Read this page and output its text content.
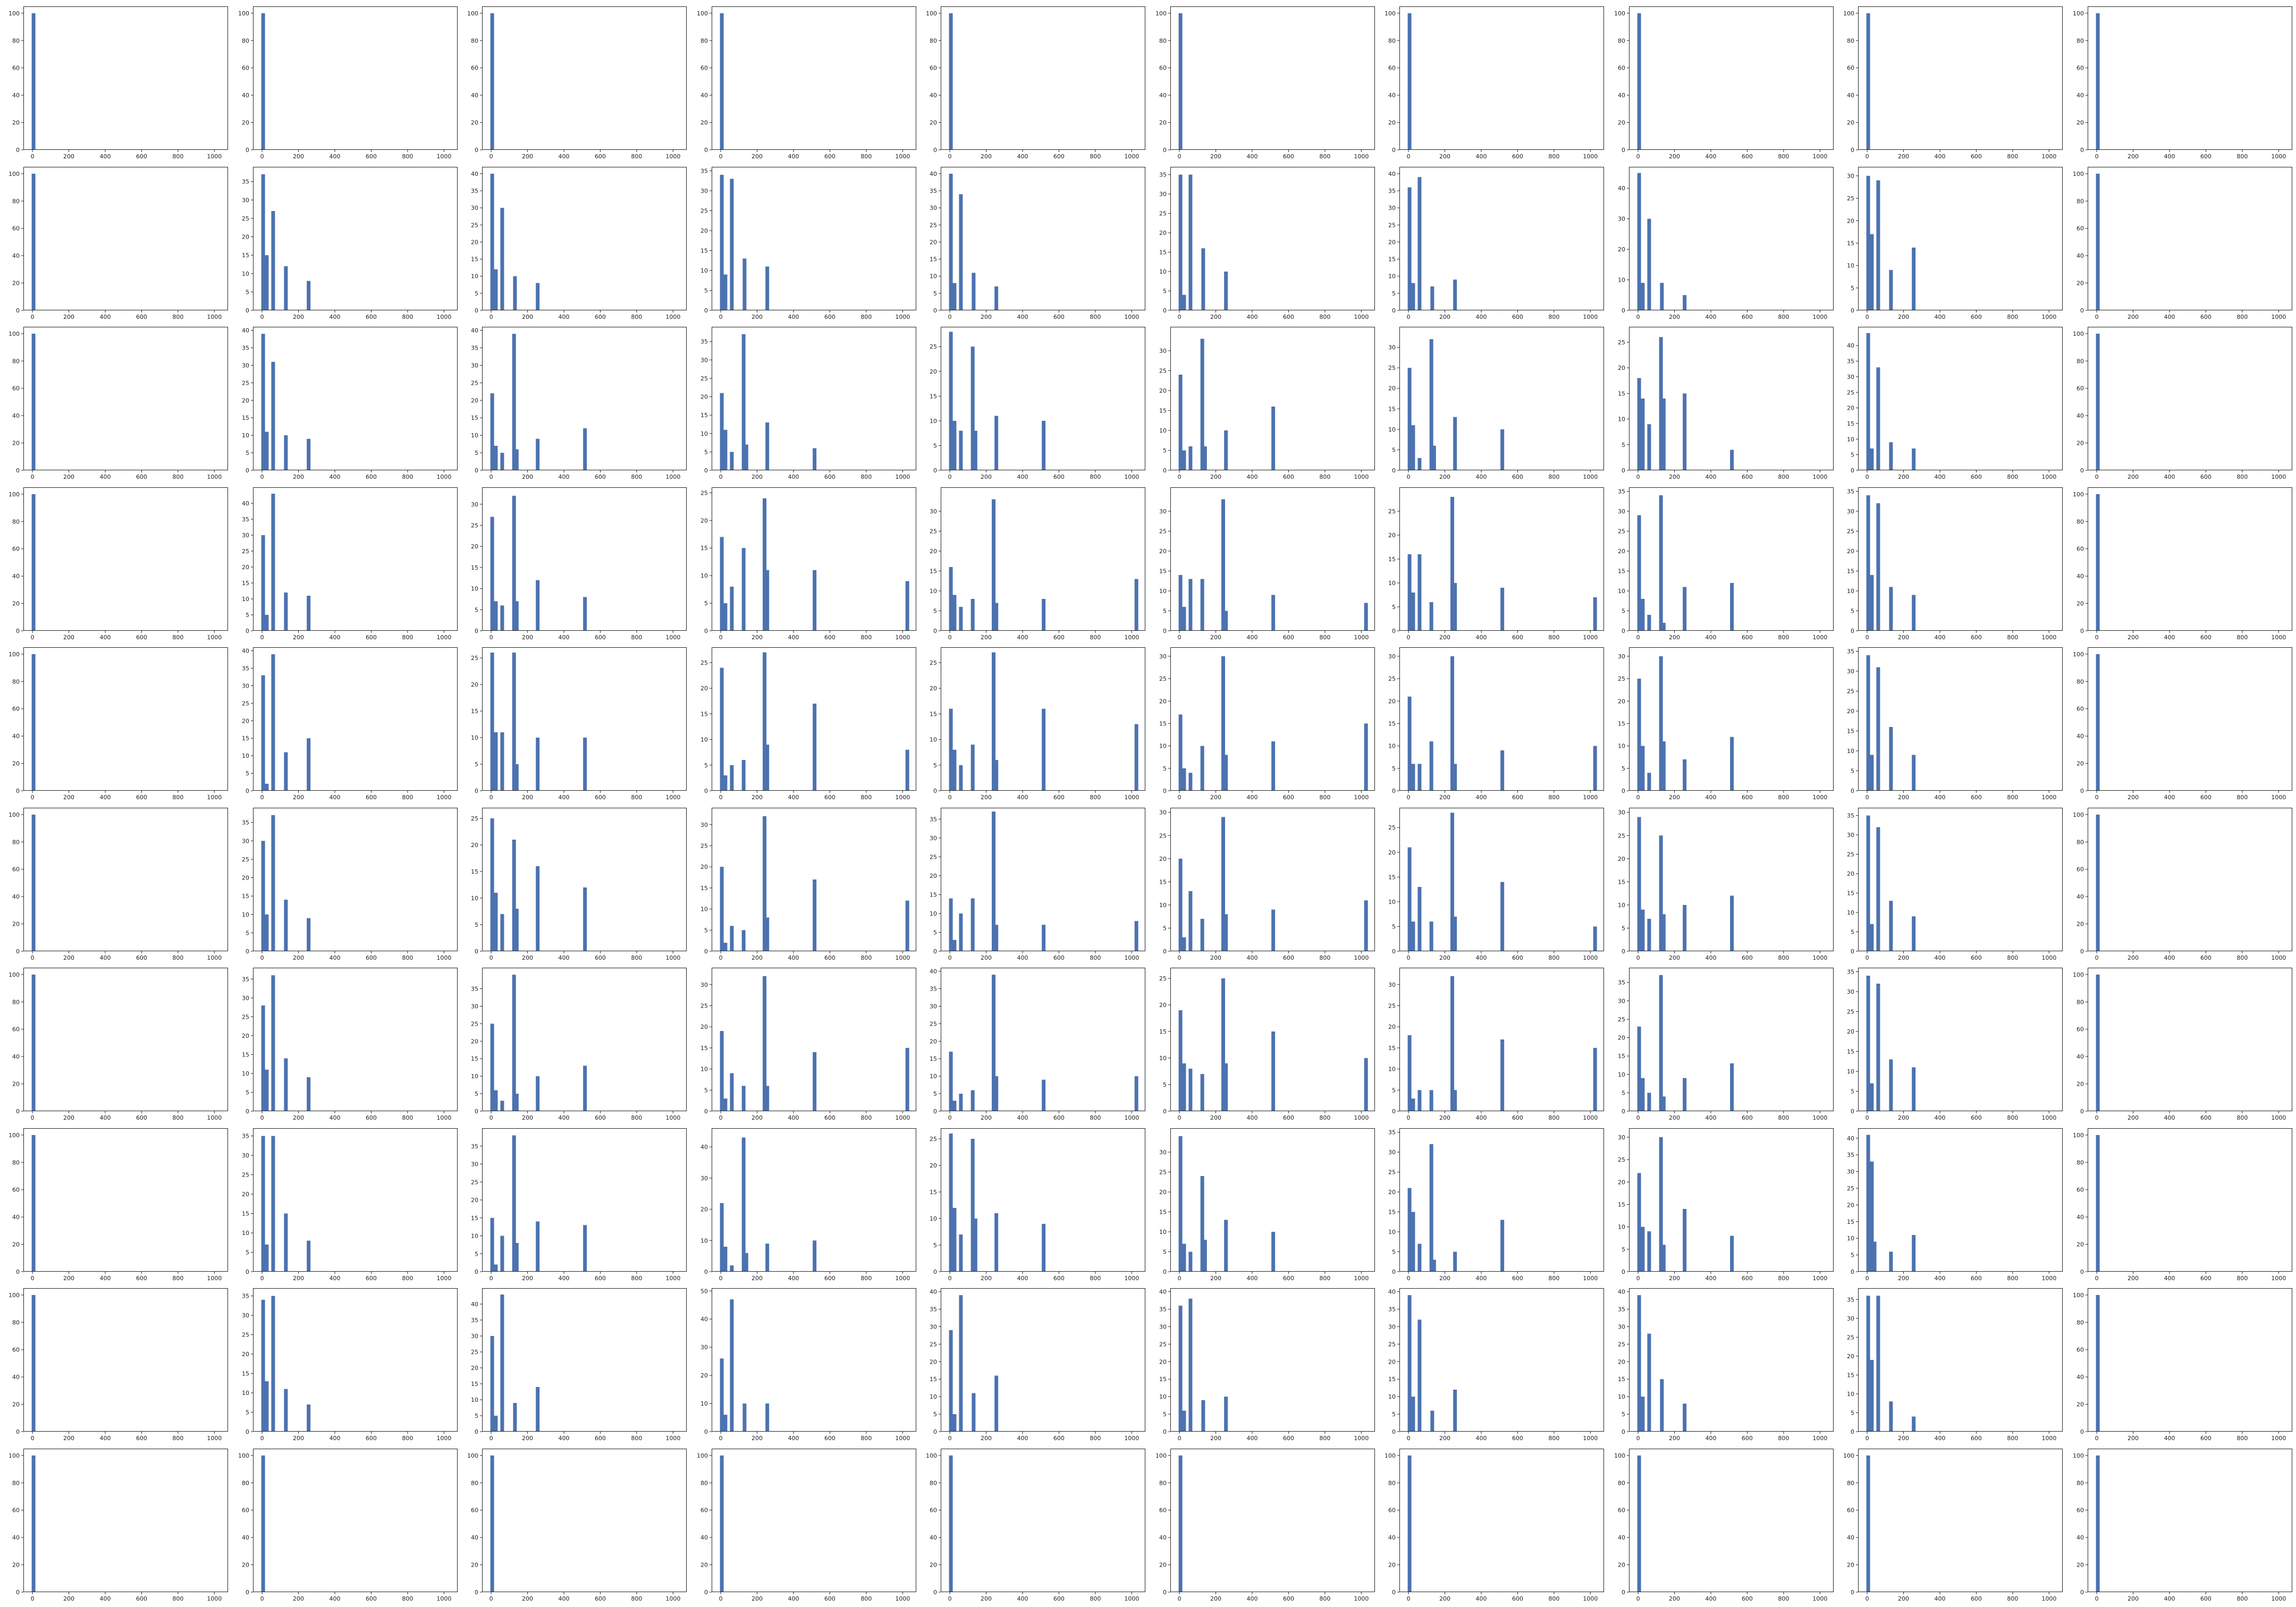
0	200	400	600	800	1000
0
20
40
60
80
100
0	200	400	600	800	1000
0
20
40
60
80
100
0	200	400	600	800	1000
0
20
40
60
80
100
0	200	400	600	800	1000
0
20
40
60
80
100
0	200	400	600	800	1000
0
20
40
60
80
100
0	200	400	600	800	1000
0
20
40
60
80
100
0	200	400	600	800	1000
0
20
40
60
80
100
0	200	400	600	800	1000
0
20
40
60
80
100
0	200	400	600	800	1000
0
20
40
60
80
100
0	200	400	600	800	1000
0
20
40
60
80
100
0	200	400	600	800	1000
0
20
40
60
80
100
0	200	400	600	800	1000
0
5
10
15
20
25
30
35
0	200	400	600	800	1000
0
5
10
15
20
25
30
35
40
0	200	400	600	800	1000
0
5
10
15
20
25
30
35
0	200	400	600	800	1000
0
5
10
15
20
25
30
35
40
0	200	400	600	800	1000
0
5
10
15
20
25
30
35
0	200	400	600	800	1000
0
5
10
15
20
25
30
35
40
0	200	400	600	800	1000
0
10
20
30
40
0	200	400	600	800	1000
0
5
10
15
20
25
30
0	200	400	600	800	1000
0
20
40
60
80
100
0	200	400	600	800	1000
0
20
40
60
80
100
0	200	400	600	800	1000
0
5
10
15
20
25
30
35
40
0	200	400	600	800	1000
0
5
10
15
20
25
30
35
40
0	200	400	600	800	1000
0
5
10
15
20
25
30
35
0	200	400	600	800	1000
0
5
10
15
20
25
0	200	400	600	800	1000
0
5
10
15
20
25
30
0	200	400	600	800	1000
0
5
10
15
20
25
30
0	200	400	600	800	1000
0
5
10
15
20
25
0	200	400	600	800	1000
0
5
10
15
20
25
30
35
40
0	200	400	600	800	1000
0
20
40
60
80
100
0	200	400	600	800	1000
0
20
40
60
80
100
0	200	400	600	800	1000
0
5
10
15
20
25
30
35
40
0	200	400	600	800	1000
0
5
10
15
20
25
30
0	200	400	600	800	1000
0
5
10
15
20
25
0	200	400	600	800	1000
0
5
10
15
20
25
30
0	200	400	600	800	1000
0
5
10
15
20
25
30
0	200	400	600	800	1000
0
5
10
15
20
25
0	200	400	600	800	1000
0
5
10
15
20
25
30
35
0	200	400	600	800	1000
0
5
10
15
20
25
30
35
0	200	400	600	800	1000
0
20
40
60
80
100
0	200	400	600	800	1000
0
20
40
60
80
100
0	200	400	600	800	1000
0
5
10
15
20
25
30
35
40
0	200	400	600	800	1000
0
5
10
15
20
25
0	200	400	600	800	1000
0
5
10
15
20
25
0	200	400	600	800	1000
0
5
10
15
20
25
0	200	400	600	800	1000
0
5
10
15
20
25
30
0	200	400	600	800	1000
0
5
10
15
20
25
30
0	200	400	600	800	1000
0
5
10
15
20
25
30
0	200	400	600	800	1000
0
5
10
15
20
25
30
35
0	200	400	600	800	1000
0
20
40
60
80
100
0	200	400	600	800	1000
0
20
40
60
80
100
0	200	400	600	800	1000
0
5
10
15
20
25
30
35
0	200	400	600	800	1000
0
5
10
15
20
25
0	200	400	600	800	1000
0
5
10
15
20
25
30
0	200	400	600	800	1000
0
5
10
15
20
25
30
35
0	200	400	600	800	1000
0
5
10
15
20
25
30
0	200	400	600	800	1000
0
5
10
15
20
25
0	200	400	600	800	1000
0
5
10
15
20
25
30
0	200	400	600	800	1000
0
5
10
15
20
25
30
35
0	200	400	600	800	1000
0
20
40
60
80
100
0	200	400	600	800	1000
0
20
40
60
80
100
0	200	400	600	800	1000
0
5
10
15
20
25
30
35
0	200	400	600	800	1000
0
5
10
15
20
25
30
35
0	200	400	600	800	1000
0
5
10
15
20
25
30
0	200	400	600	800	1000
0
5
10
15
20
25
30
35
40
0	200	400	600	800	1000
0
5
10
15
20
25
0	200	400	600	800	1000
0
5
10
15
20
25
30
0	200	400	600	800	1000
0
5
10
15
20
25
30
35
0	200	400	600	800	1000
0
5
10
15
20
25
30
35
0	200	400	600	800	1000
0
20
40
60
80
100
0	200	400	600	800	1000
0
20
40
60
80
100
0	200	400	600	800	1000
0
5
10
15
20
25
30
35
0	200	400	600	800	1000
0
5
10
15
20
25
30
35
0	200	400	600	800	1000
0
10
20
30
40
0	200	400	600	800	1000
0
5
10
15
20
25
0	200	400	600	800	1000
0
5
10
15
20
25
30
0	200	400	600	800	1000
0
5
10
15
20
25
30
35
0	200	400	600	800	1000
0
5
10
15
20
25
30
0	200	400	600	800	1000
0
5
10
15
20
25
30
35
40
0	200	400	600	800	1000
0
20
40
60
80
100
0	200	400	600	800	1000
0
20
40
60
80
100
0	200	400	600	800	1000
0
5
10
15
20
25
30
35
0	200	400	600	800	1000
0
5
10
15
20
25
30
35
40
0	200	400	600	800	1000
0
10
20
30
40
50
0	200	400	600	800	1000
0
5
10
15
20
25
30
35
40
0	200	400	600	800	1000
0
5
10
15
20
25
30
35
40
0	200	400	600	800	1000
0
5
10
15
20
25
30
35
40
0	200	400	600	800	1000
0
5
10
15
20
25
30
35
40
0	200	400	600	800	1000
0
5
10
15
20
25
30
35
0	200	400	600	800	1000
0
20
40
60
80
100
0	200	400	600	800	1000
0
20
40
60
80
100
0	200	400	600	800	1000
0
20
40
60
80
100
0	200	400	600	800	1000
0
20
40
60
80
100
0	200	400	600	800	1000
0
20
40
60
80
100
0	200	400	600	800	1000
0
20
40
60
80
100
0	200	400	600	800	1000
0
20
40
60
80
100
0	200	400	600	800	1000
0
20
40
60
80
100
0	200	400	600	800	1000
0
20
40
60
80
100
0	200	400	600	800	1000
0
20
40
60
80
100
0	200	400	600	800	1000
0
20
40
60
80
100
